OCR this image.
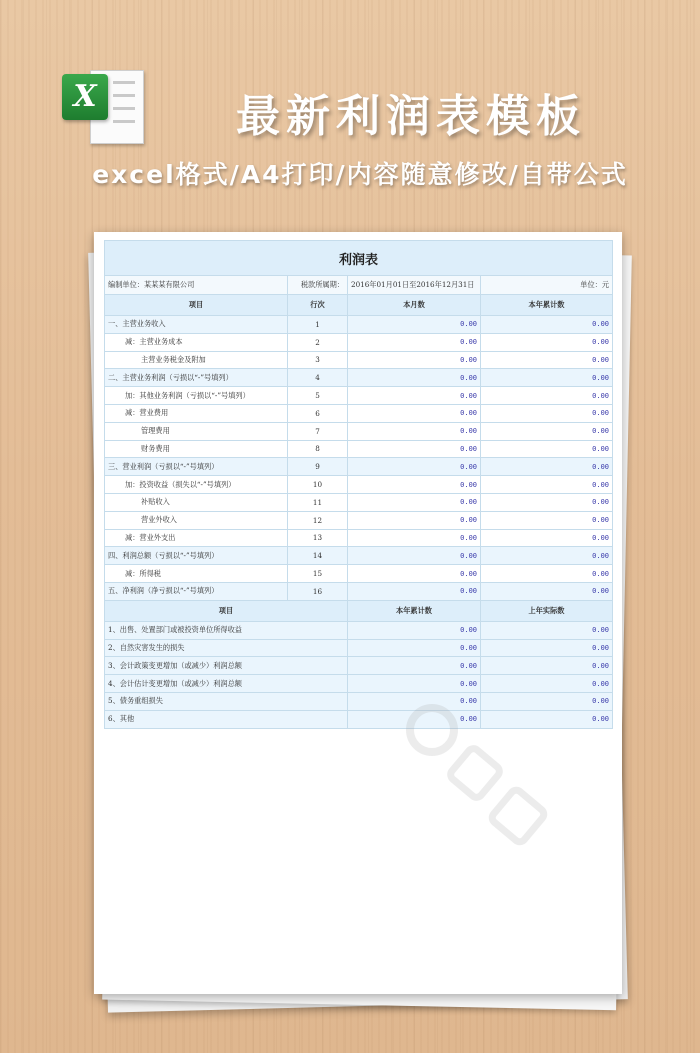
X	最新利润表模板
excel格式/A4打印/内容随意修改/自带公式
利润表			
编制单位：某某某有限公司	税款所属期：	2016年01月01日至2016年12月31日	单位：元
项目	行次	本月数	本年累计数
一、主营业务收入	1	0.00	0.00
减：主营业务成本	2	0.00	0.00
主营业务税金及附加	3	0.00	0.00
二、主营业务利润（亏损以“-”号填列）	4	0.00	0.00
加：其他业务利润（亏损以“-”号填列）	5	0.00	0.00
减：营业费用	6	0.00	0.00
管理费用	7	0.00	0.00
财务费用	8	0.00	0.00
三、营业利润（亏损以“-”号填列）	9	0.00	0.00
加：投资收益（损失以“-”号填列）	10	0.00	0.00
补贴收入	11	0.00	0.00
营业外收入	12	0.00	0.00
减：营业外支出	13	0.00	0.00
四、利润总额（亏损以“-”号填列）	14	0.00	0.00
减：所得税	15	0.00	0.00
五、净利润（净亏损以“-”号填列）	16	0.00	0.00
项目		本年累计数	上年实际数
1、出售、处置部门或被投资单位所得收益		0.00	0.00
2、自然灾害发生的损失		0.00	0.00
3、会计政策变更增加（或减少）利润总额		0.00	0.00
4、会计估计变更增加（或减少）利润总额		0.00	0.00
5、债务重组损失		0.00	0.00
6、其他		0.00	0.00
